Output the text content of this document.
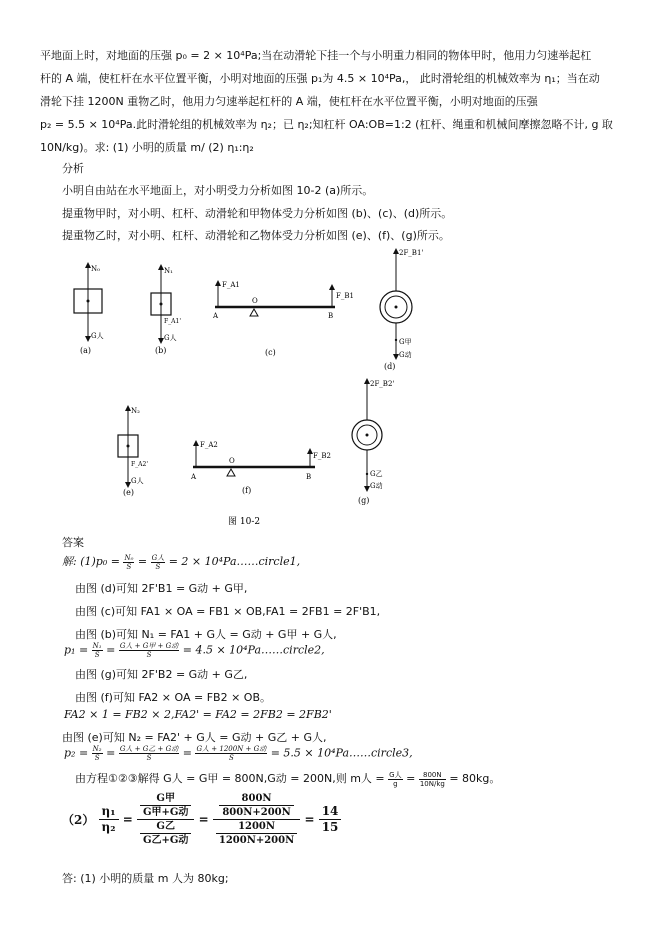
平地面上时，对地面的压强 p₀ = 2 × 10⁴Pa;当在动滑轮下挂一个与小明重力相同的物体甲时，他用力匀速举起杠
杆的 A 端，使杠杆在水平位置平衡，小明对地面的压强 p₁为 4.5 × 10⁴Pa,， 此时滑轮组的机械效率为 η₁；当在动
滑轮下挂 1200N 重物乙时，他用力匀速举起杠杆的 A 端，使杠杆在水平位置平衡，小明对地面的压强
p₂ = 5.5 × 10⁴Pa.此时滑轮组的机械效率为 η₂；已 η₂;知杠杆 OA:OB=1:2 (杠杆、绳重和机械间摩擦忽略不计, g 取
10N/kg)。求: (1) 小明的质量 m/ (2) η₁:η₂
分析
小明自由站在水平地面上，对小明受力分析如图 10-2 (a)所示。
提重物甲时，对小明、杠杆、动滑轮和甲物体受力分析如图 (b)、(c)、(d)所示。
提重物乙时，对小明、杠杆、动滑轮和乙物体受力分析如图 (e)、(f)、(g)所示。
N₀
G人
(a)
N₁
F_A1'
G人
(b)
F_A1
F_B1
O
A	B
(c)
2F_B1'
G甲
G动
(d)
N₂
F_A2'
G人
(e)
F_A2
F_B2
O
A	B
(f)
2F_B2'
G乙
G动
(g)
图 10-2
答案
解: $(1)p_0 = \frac{\text{N₀}}{S} = \frac{\text{G人}}{S} = 2$ × 10⁴Pa……circle1,
由图 (d)可知 2F'B1 = G动 + G甲,
由图 (c)可知 FA1 × OA = FB1 × OB,FA1 = 2FB1 = 2F'B1,
由图 (b)可知 N₁ = FA1 + G人 = G动 + G甲 + G人,
$p_1 = \frac{\text{N₁}}{S} = \frac{\text{G人 + G甲 + G动}}{S} = 4.5$ × 10⁴Pa……circle2,
由图 (g)可知 2F'B2 = G动 + G乙,
由图 (f)可知 FA2 × OA = FB2 × OB。
FA2 × 1 = FB2 × 2,FA2' = FA2 = 2FB2 = 2FB2'
由图 (e)可知 N₂ = FA2' + G人 = G动 + G乙 + G人,
$p_2 = \frac{\text{N₂}}{S} = \frac{\text{G人 + G乙 + G动}}{S} = \frac{\text{G人 + 1200N + G动}}{S} = 5.5$ × 10⁴Pa……circle3,
由方程①②③解得 G人 = G甲 = 800N,G动 = 200N,则 m人 = $\frac{\text{G人}}{g} = \frac{800N}{10N/kg} = 80kg$。
$(2) \frac{\text{η₁}}{\text{η₂}} = \frac{\frac{\text{G甲}}{\text{G甲+G动}}}{\frac{\text{G乙}}{\text{G乙+G动}}} = \frac{\frac{800N}{800N+200N}}{\frac{1200N}{1200N+200N}} = \frac{14}{15}$
答: (1) 小明的质量 m 人为 80kg;
